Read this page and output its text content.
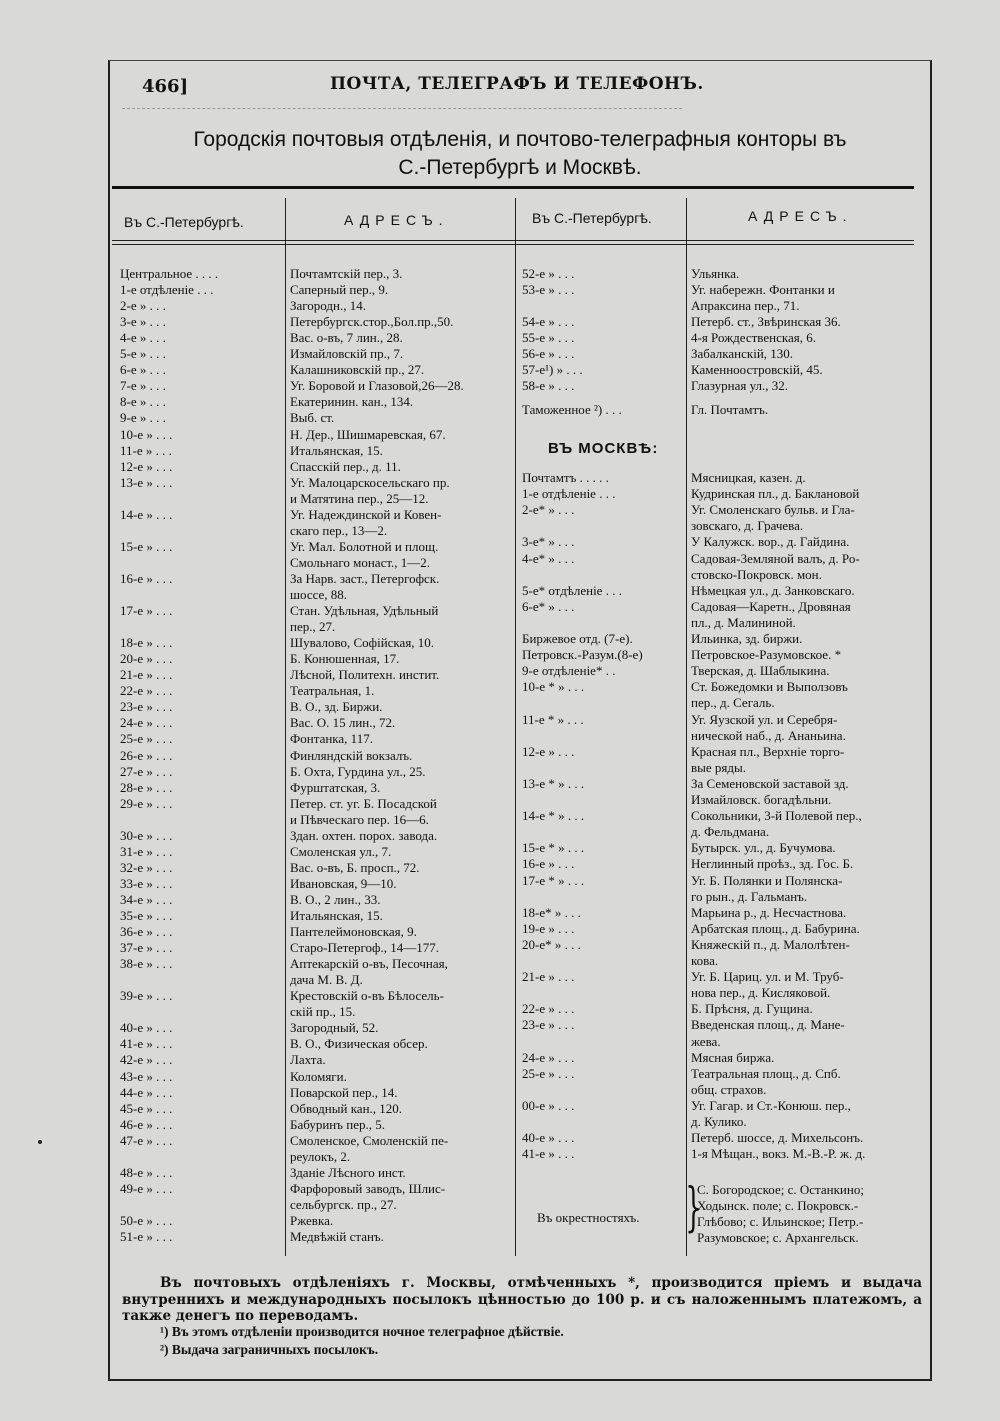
466]	ПОЧТА, ТЕЛЕГРАФЪ И ТЕЛЕФОНЪ.
Городскія почтовыя отдѣленія, и почтово-телеграфныя конторы въ
С.-Петербургѣ и Москвѣ.
Въ С.-Петербургѣ.	АДРЕСЪ.	Въ С.-Петербургѣ.	АДРЕСЪ.
Центральное . . . .	Почтамтскій пер., 3.
1-е отдѣленіе . . .	Саперный пер., 9.
2-е » . . .	Загородн., 14.
3-е » . . .	Петербургск.стор.,Бол.пр.,50.
4-е » . . .	Вас. о-въ, 7 лин., 28.
5-е » . . .	Измайловскій пр., 7.
6-е » . . .	Калашниковскій пр., 27.
7-е » . . .	Уг. Боровой и Глазовой,26—28.
8-е » . . .	Екатеринин. кан., 134.
9-е » . . .	Выб. ст.
10-е » . . .	Н. Дер., Шишмаревская, 67.
11-е » . . .	Итальянская, 15.
12-е » . . .	Спасскій пер., д. 11.
13-е » . . .	Уг. Малоцарскосельскаго пр.
и Матятина пер., 25—12.
14-е » . . .	Уг. Надеждинской и Ковен-
скаго пер., 13—2.
15-е » . . .	Уг. Мал. Болотной и площ.
Смольнаго монаст., 1—2.
16-е » . . .	За Нарв. заст., Петергофск.
шоссе, 88.
17-е » . . .	Стан. Удѣльная, Удѣльный
пер., 27.
18-е » . . .	Шувалово, Софійская, 10.
20-е » . . .	Б. Конюшенная, 17.
21-е » . . .	Лѣсной, Политехн. инстит.
22-е » . . .	Театральная, 1.
23-е » . . .	В. О., зд. Биржи.
24-е » . . .	Вас. О. 15 лин., 72.
25-е » . . .	Фонтанка, 117.
26-е » . . .	Финляндскій вокзалъ.
27-е » . . .	Б. Охта, Гурдина ул., 25.
28-е » . . .	Фурштатская, 3.
29-е » . . .	Петер. ст. уг. Б. Посадской
и Пѣвческаго пер. 16—6.
30-е » . . .	Здан. охтен. порох. завода.
31-е » . . .	Смоленская ул., 7.
32-е » . . .	Вас. о-въ, Б. просп., 72.
33-е » . . .	Ивановская, 9—10.
34-е » . . .	В. О., 2 лин., 33.
35-е » . . .	Итальянская, 15.
36-е » . . .	Пантелеймоновская, 9.
37-е » . . .	Старо-Петергоф., 14—177.
38-е » . . .	Аптекарскій о-въ, Песочная,
дача М. В. Д.
39-е » . . .	Крестовскій о-въ Бѣлосель-
скій пр., 15.
40-е » . . .	Загородный, 52.
41-е » . . .	В. О., Физическая обсер.
42-е » . . .	Лахта.
43-е » . . .	Коломяги.
44-е » . . .	Поварской пер., 14.
45-е » . . .	Обводный кан., 120.
46-е » . . .	Бабуринъ пер., 5.
47-е » . . .	Смоленское, Смоленскій пе-
реулокъ, 2.
48-е » . . .	Зданіе Лѣсного инст.
49-е » . . .	Фарфоровый заводъ, Шлис-
сельбургск. пр., 27.
50-е » . . .	Ржевка.
51-е » . . .	Медвѣжій станъ.
52-е » . . .	Ульянка.
53-е » . . .	Уг. набережн. Фонтанки и
Апраксина пер., 71.
54-е » . . .	Петерб. ст., Звѣринская 36.
55-е » . . .	4-я Рождественская, 6.
56-е » . . .	Забалканскій, 130.
57-е¹) » . . .	Каменноостровскій, 45.
58-е » . . .	Глазурная ул., 32.
Таможенное ²) . . .	Гл. Почтамтъ.
ВЪ МОСКВѢ:
Почтамтъ . . . . .	Мясницкая, казен. д.
1-е отдѣленіе . . .	Кудринская пл., д. Баклановой
2-е* » . . .	Уг. Смоленскаго бульв. и Гла-
зовскаго, д. Грачева.
3-е* » . . .	У Калужск. вор., д. Гайдина.
4-е* » . . .	Садовая-Земляной валъ, д. Ро-
стовско-Покровск. мон.
5-е* отдѣленіе . . .	Нѣмецкая ул., д. Занковскаго.
6-е* » . . .	Садовая—Каретн., Дровяная
пл., д. Малининой.
Биржевое отд. (7-е).	Ильинка, зд. биржи.
Петровск.-Разум.(8-е)	Петровское-Разумовское. *
9-е отдѣленіе* . .	Тверская, д. Шаблыкина.
10-е * » . . .	Ст. Божедомки и Выползовъ
пер., д. Сегаль.
11-е * » . . .	Уг. Яузской ул. и Серебря-
нической наб., д. Ананьина.
12-е » . . .	Красная пл., Верхніе торго-
вые ряды.
13-е * » . . .	За Семеновской заставой зд.
Измайловск. богадѣльни.
14-е * » . . .	Сокольники, 3-й Полевой пер.,
д. Фельдмана.
15-е * » . . .	Бутырск. ул., д. Бучумова.
16-е » . . .	Неглинный проѣз., зд. Гос. Б.
17-е * » . . .	Уг. Б. Полянки и Полянска-
го рын., д. Гальманъ.
18-е* » . . .	Марьина р., д. Несчастнова.
19-е » . . .	Арбатская площ., д. Бабурина.
20-е* » . . .	Княжескій п., д. Малолѣтен-
кова.
21-е » . . .	Уг. Б. Цариц. ул. и М. Труб-
нова пер., д. Кисляковой.
22-е » . . .	Б. Прѣсня, д. Гущина.
23-е » . . .	Введенская площ., д. Мане-
жева.
24-е » . . .	Мясная биржа.
25-е » . . .	Театральная площ., д. Спб.
общ. страхов.
00-е » . . .	Уг. Гагар. и Ст.-Конюш. пер.,
д. Кулико.
40-е » . . .	Петерб. шоссе, д. Михельсонъ.
41-е » . . .	1-я Мѣщан., вокз. М.-В.-Р. ж. д.
Въ окрестностяхъ. }
С. Богородское; с. Останкино;
Ходынск. поле; с. Покровск.-
Глѣбово; с. Ильинское; Петр.-
Разумовское; с. Архангельск.
Въ почтовыхъ отдѣленіяхъ г. Москвы, отмѣченныхъ *, производится пріемъ и выдача внутреннихъ и международныхъ посылокъ цѣнностью до 100 р. и съ наложеннымъ платежомъ, а также денегъ по переводамъ.
¹) Въ этомъ отдѣленіи производится ночное телеграфное дѣйствіе.
²) Выдача заграничныхъ посылокъ.
